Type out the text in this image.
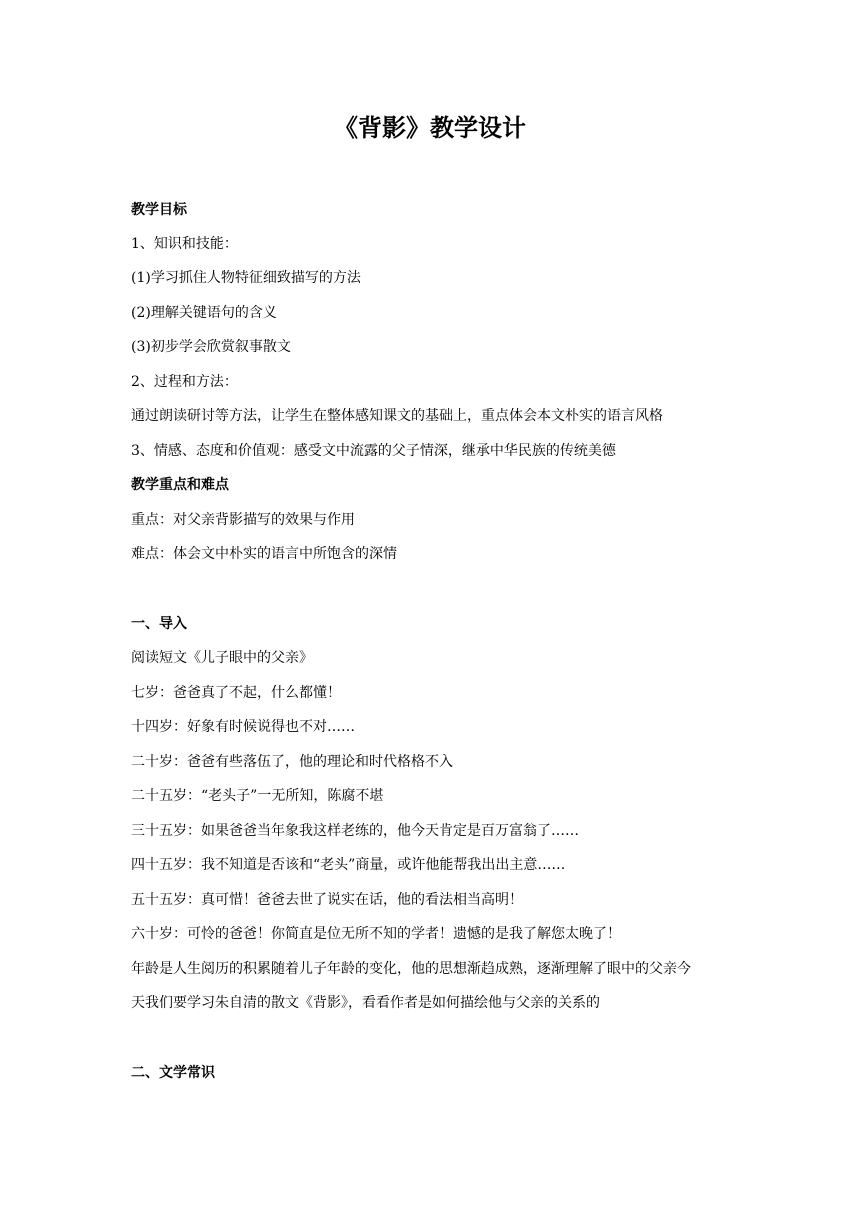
《背影》教学设计
教学目标
1、知识和技能：
(1)学习抓住人物特征细致描写的方法
(2)理解关键语句的含义
(3)初步学会欣赏叙事散文
2、过程和方法：
通过朗读研讨等方法，让学生在整体感知课文的基础上，重点体会本文朴实的语言风格
3、情感、态度和价值观：感受文中流露的父子情深，继承中华民族的传统美德
教学重点和难点
重点：对父亲背影描写的效果与作用
难点：体会文中朴实的语言中所饱含的深情
一、导入
阅读短文《儿子眼中的父亲》
七岁：爸爸真了不起，什么都懂！
十四岁：好象有时候说得也不对……
二十岁：爸爸有些落伍了，他的理论和时代格格不入
二十五岁：“老头子”一无所知，陈腐不堪
三十五岁：如果爸爸当年象我这样老练的，他今天肯定是百万富翁了……
四十五岁：我不知道是否该和“老头”商量，或许他能帮我出出主意……
五十五岁：真可惜！爸爸去世了说实在话，他的看法相当高明！
六十岁：可怜的爸爸！你简直是位无所不知的学者！遗憾的是我了解您太晚了！
年龄是人生阅历的积累随着儿子年龄的变化，他的思想渐趋成熟，逐渐理解了眼中的父亲今
天我们要学习朱自清的散文《背影》，看看作者是如何描绘他与父亲的关系的
二、文学常识
